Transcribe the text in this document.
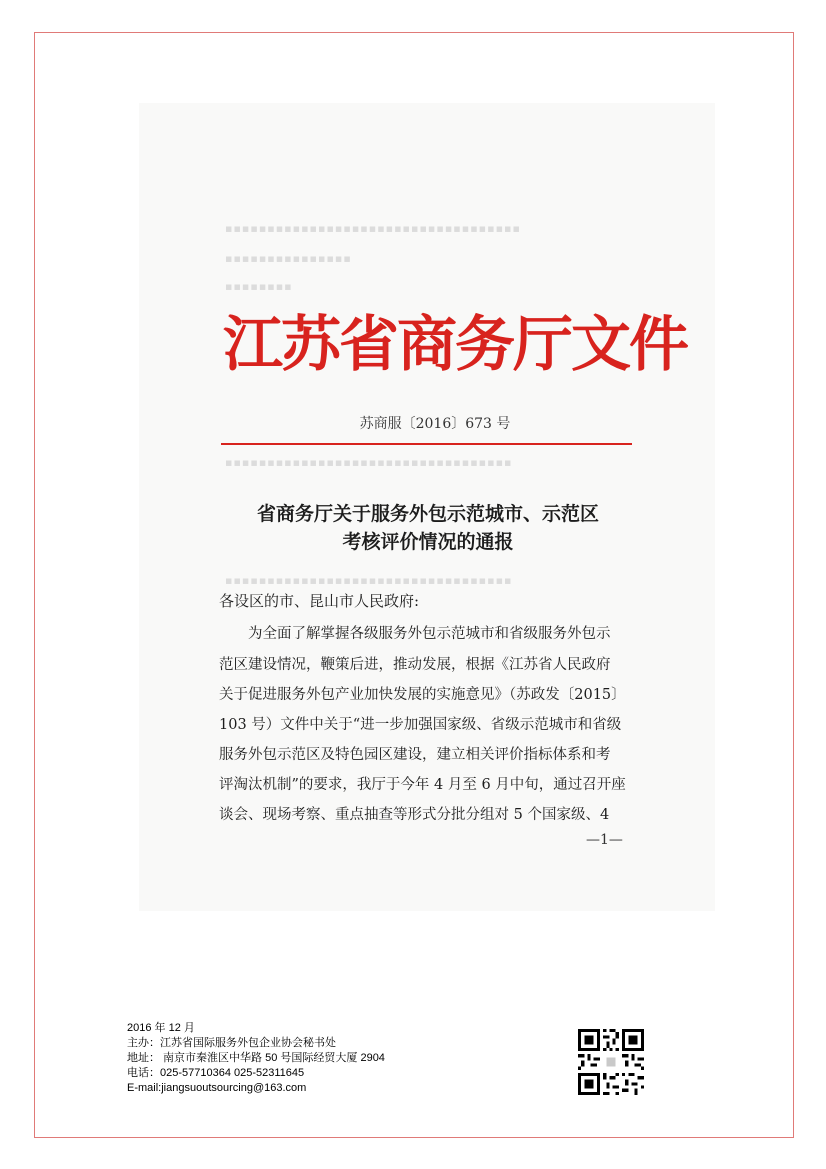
▪▪▪▪▪▪▪▪▪▪▪▪▪▪▪▪▪▪▪▪▪▪▪▪▪▪▪▪▪▪▪▪▪▪▪
▪▪▪▪▪▪▪▪▪▪▪▪▪▪▪
▪▪▪▪▪▪▪▪
▪▪▪▪▪▪▪▪▪▪▪▪▪▪▪▪▪▪▪▪▪▪▪▪▪▪▪▪▪▪▪▪▪▪
▪▪▪▪▪▪▪▪▪▪▪▪▪▪▪▪▪▪▪▪▪▪▪▪▪▪▪▪▪▪▪▪▪▪
江苏省商务厅文件
苏商服〔2016〕673 号
省商务厅关于服务外包示范城市、示范区
考核评价情况的通报
各设区的市、昆山市人民政府:
为全面了解掌握各级服务外包示范城市和省级服务外包示
范区建设情况，鞭策后进，推动发展，根据《江苏省人民政府
关于促进服务外包产业加快发展的实施意见》（苏政发〔2015〕
103 号）文件中关于“进一步加强国家级、省级示范城市和省级
服务外包示范区及特色园区建设，建立相关评价指标体系和考
评淘汰机制”的要求，我厅于今年 4 月至 6 月中旬，通过召开座
谈会、现场考察、重点抽查等形式分批分组对 5 个国家级、4
—1—
2016 年 12 月
主办：江苏省国际服务外包企业协会秘书处
地址： 南京市秦淮区中华路 50 号国际经贸大厦 2904
电话：025-57710364 025-52311645
E-mail:jiangsuoutsourcing@163.com
